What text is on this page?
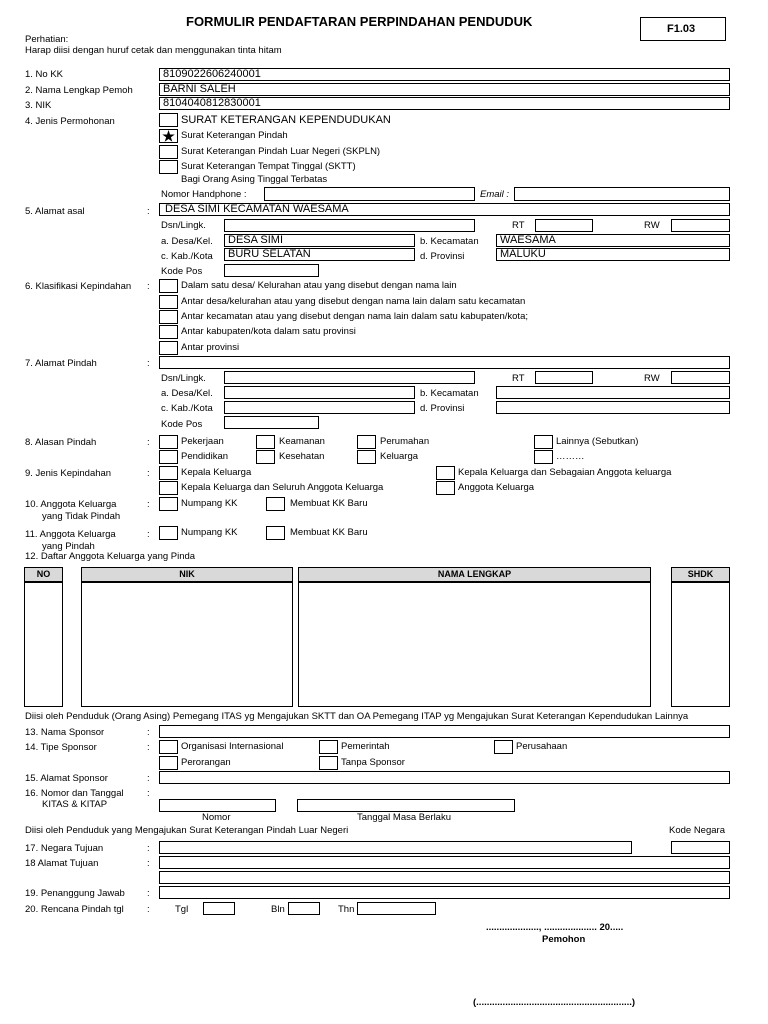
FORMULIR PENDAFTARAN PERPINDAHAN PENDUDUK	F1.03
Perhatian:
Harap diisi dengan huruf cetak dan menggunakan tinta hitam
1. No KK	8109022606240001
2. Nama Lengkap Pemoh	BARNI SALEH
3. NIK	8104040812830001
4. Jenis Permohonan	SURAT KETERANGAN KEPENDUDUKAN
★ Surat Keterangan Pindah
Surat Keterangan Pindah Luar Negeri (SKPLN)
Surat Keterangan Tempat Tinggal (SKTT)
Bagi Orang Asing Tinggal Terbatas
Nomor Handphone :	Email :
5. Alamat asal	: DESA SIMI KECAMATAN WAESAMA
Dsn/Lingk.	RT	RW
a. Desa/Kel. DESA SIMI	b. Kecamatan WAESAMA
c. Kab./Kota BURU SELATAN	d. Provinsi	MALUKU
Kode Pos
6. Klasifikasi Kepindahan :	Dalam satu desa/ Kelurahan atau yang disebut dengan nama lain
Antar desa/kelurahan atau yang disebut dengan nama lain dalam satu kecamatan
Antar kecamatan atau yang disebut dengan nama lain dalam satu kabupaten/kota;
Antar kabupaten/kota dalam satu provinsi
Antar provinsi
7. Alamat Pindah	:
Dsn/Lingk.	RT	RW
a. Desa/Kel.	b. Kecamatan
c. Kab./Kota	d. Provinsi
Kode Pos
8. Alasan Pindah	:	Pekerjaan	Keamanan	Perumahan	Lainnya (Sebutkan)
Pendidikan	Kesehatan	Keluarga	………
9. Jenis Kepindahan	:	Kepala Keluarga	Kepala Keluarga dan Sebagaian Anggota keluarga
Kepala Keluarga dan Seluruh Anggota Keluarga	Anggota Keluarga
10. Anggota Keluarga
yang Tidak Pindah
:	Numpang KK	Membuat KK Baru
11. Anggota Keluarga
yang Pindah
:	Numpang KK	Membuat KK Baru
12. Daftar Anggota Keluarga yang Pinda
NO	NIK	NAMA LENGKAP	SHDK
Diisi oleh Penduduk (Orang Asing) Pemegang ITAS yg Mengajukan SKTT dan OA Pemegang ITAP yg Mengajukan Surat Keterangan Kependudukan Lainnya
13. Nama Sponsor	:
14. Tipe Sponsor	:	Organisasi Internasional	Pemerintah	Perusahaan
Perorangan	Tanpa Sponsor
15. Alamat Sponsor	:
16. Nomor dan Tanggal
KITAS & KITAP
:
Nomor	Tanggal Masa Berlaku
Diisi oleh Penduduk yang Mengajukan Surat Keterangan Pindah Luar Negeri	Kode Negara
17. Negara Tujuan	:
18 Alamat Tujuan	:
19. Penanggung Jawab :
20. Rencana Pindah tgl :	Tgl	Bln	Thn
...................., .................... 20.....
Pemohon
(...........................................................)
